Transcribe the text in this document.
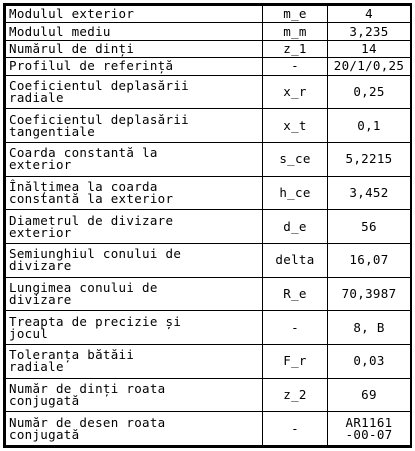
Modulul exterior	m_e	4
Modulul mediu	m_m	3,235
Numărul de dinți	z_1	14
Profilul de referință	-	20/1/0,25
Coeficientul deplasării
radiale	x_r	0,25
Coeficientul deplasării
tangentiale	x_t	0,1
Coarda constantă la
exterior	s_ce	5,2215
Înălțimea la coarda
constantă la exterior	h_ce	3,452
Diametrul de divizare
exterior	d_e	56
Semiunghiul conului de
divizare	delta	16,07
Lungimea conului de
divizare	R_e	70,3987
Treapta de precizie și
jocul	-	8, B
Toleranța bătăii
radiale	F_r	0,03
Număr de dinți roata
conjugată	z_2	69
Număr de desen roata
conjugată	-	AR1161
-00-07
